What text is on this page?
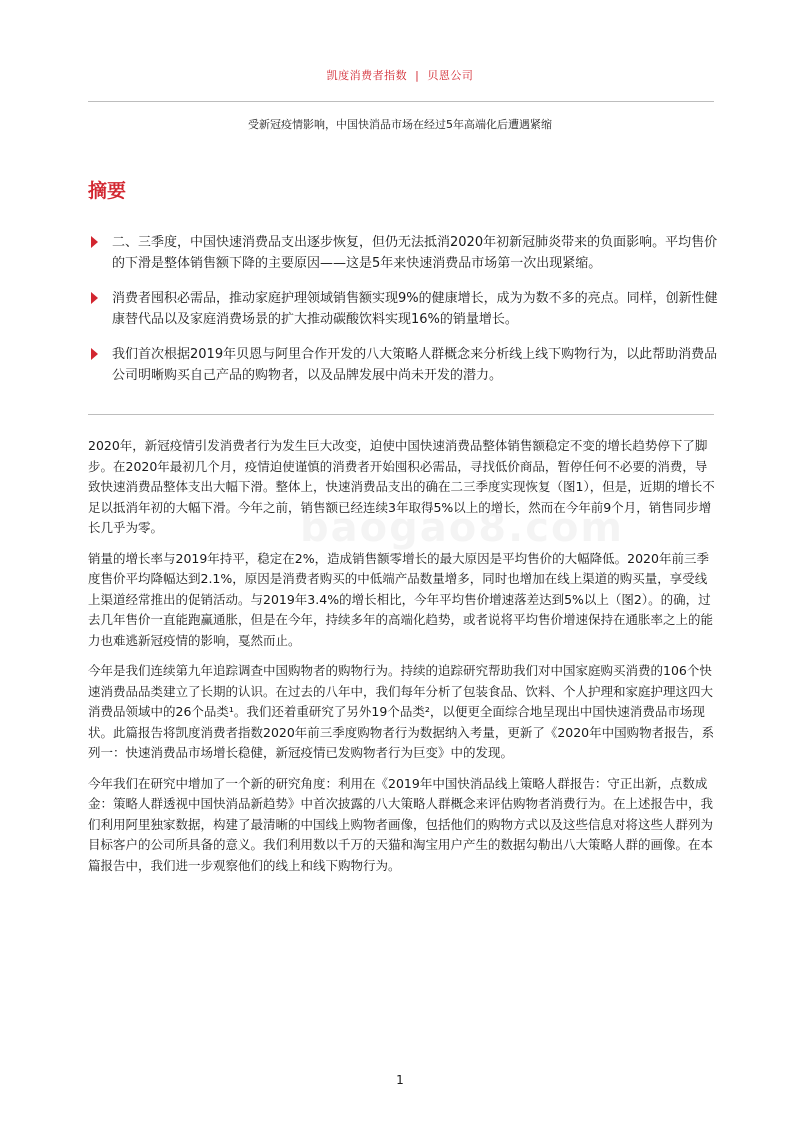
凯度消费者指数 | 贝恩公司
受新冠疫情影响，中国快消品市场在经过5年高端化后遭遇紧缩
摘要
二、三季度，中国快速消费品支出逐步恢复，但仍无法抵消2020年初新冠肺炎带来的负面影响。平均售价的下滑是整体销售额下降的主要原因——这是5年来快速消费品市场第一次出现紧缩。
消费者囤积必需品，推动家庭护理领域销售额实现9%的健康增长，成为为数不多的亮点。同样，创新性健康替代品以及家庭消费场景的扩大推动碳酸饮料实现16%的销量增长。
我们首次根据2019年贝恩与阿里合作开发的八大策略人群概念来分析线上线下购物行为，以此帮助消费品公司明晰购买自己产品的购物者，以及品牌发展中尚未开发的潜力。

2020年，新冠疫情引发消费者行为发生巨大改变，迫使中国快速消费品整体销售额稳定不变的增长趋势停下了脚步。在2020年最初几个月，疫情迫使谨慎的消费者开始囤积必需品，寻找低价商品，暂停任何不必要的消费，导致快速消费品整体支出大幅下滑。整体上，快速消费品支出的确在二三季度实现恢复（图1），但是，近期的增长不足以抵消年初的大幅下滑。今年之前，销售额已经连续3年取得5%以上的增长，然而在今年前9个月，销售同步增长几乎为零。

销量的增长率与2019年持平，稳定在2%，造成销售额零增长的最大原因是平均售价的大幅降低。2020年前三季度售价平均降幅达到2.1%，原因是消费者购买的中低端产品数量增多，同时也增加在线上渠道的购买量，享受线上渠道经常推出的促销活动。与2019年3.4%的增长相比，今年平均售价增速落差达到5%以上（图2）。的确，过去几年售价一直能跑赢通胀，但是在今年，持续多年的高端化趋势，或者说将平均售价增速保持在通胀率之上的能力也难逃新冠疫情的影响，戛然而止。

今年是我们连续第九年追踪调查中国购物者的购物行为。持续的追踪研究帮助我们对中国家庭购买消费的106个快速消费品品类建立了长期的认识。在过去的八年中，我们每年分析了包装食品、饮料、个人护理和家庭护理这四大消费品领域中的26个品类¹。我们还着重研究了另外19个品类²，以便更全面综合地呈现出中国快速消费品市场现状。此篇报告将凯度消费者指数2020年前三季度购物者行为数据纳入考量，更新了《2020年中国购物者报告，系列一：快速消费品市场增长稳健，新冠疫情已发购物者行为巨变》中的发现。

今年我们在研究中增加了一个新的研究角度：利用在《2019年中国快消品线上策略人群报告：守正出新，点数成金：策略人群透视中国快消品新趋势》中首次披露的八大策略人群概念来评估购物者消费行为。在上述报告中，我们利用阿里独家数据，构建了最清晰的中国线上购物者画像，包括他们的购物方式以及这些信息对将这些人群列为目标客户的公司所具备的意义。我们利用数以千万的天猫和淘宝用户产生的数据勾勒出八大策略人群的画像。在本篇报告中，我们进一步观察他们的线上和线下购物行为。

1
